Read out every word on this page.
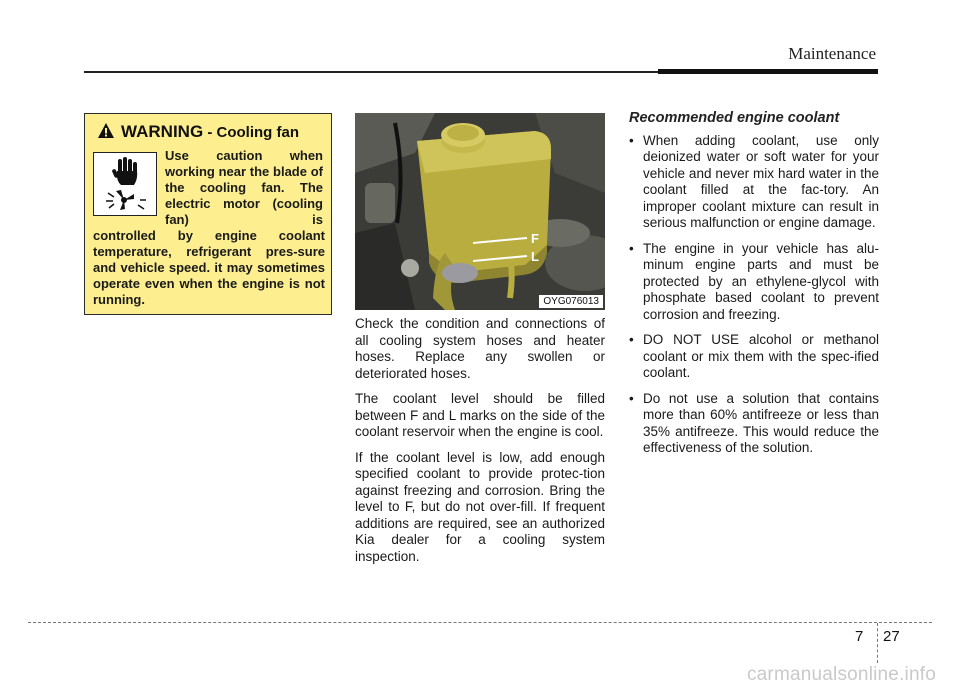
Maintenance
WARNING - Cooling fan
Use caution when working near the blade of the cooling fan. The electric motor (cooling fan) is
controlled by engine coolant temperature, refrigerant pres-sure and vehicle speed. it may sometimes operate even when the engine is not running.
F
L
OYG076013

Check the condition and connections of all cooling system hoses and heater hoses. Replace any swollen or deteriorated hoses.

The coolant level should be filled between F and L marks on the side of the coolant reservoir when the engine is cool.

If the coolant level is low, add enough specified coolant to provide protec-tion against freezing and corrosion. Bring the level to F, but do not over-fill. If frequent additions are required, see an authorized Kia dealer for a cooling system inspection.

Recommended engine coolant
• When adding coolant, use only deionized water or soft water for your vehicle and never mix hard water in the coolant filled at the fac-tory. An improper coolant mixture can result in serious malfunction or engine damage.
• The engine in your vehicle has alu-minum engine parts and must be protected by an ethylene-glycol with phosphate based coolant to prevent corrosion and freezing.
• DO NOT USE alcohol or methanol coolant or mix them with the spec-ified coolant.
• Do not use a solution that contains more than 60% antifreeze or less than 35% antifreeze. This would reduce the effectiveness of the solution.
7 27
carmanualsonline.info
